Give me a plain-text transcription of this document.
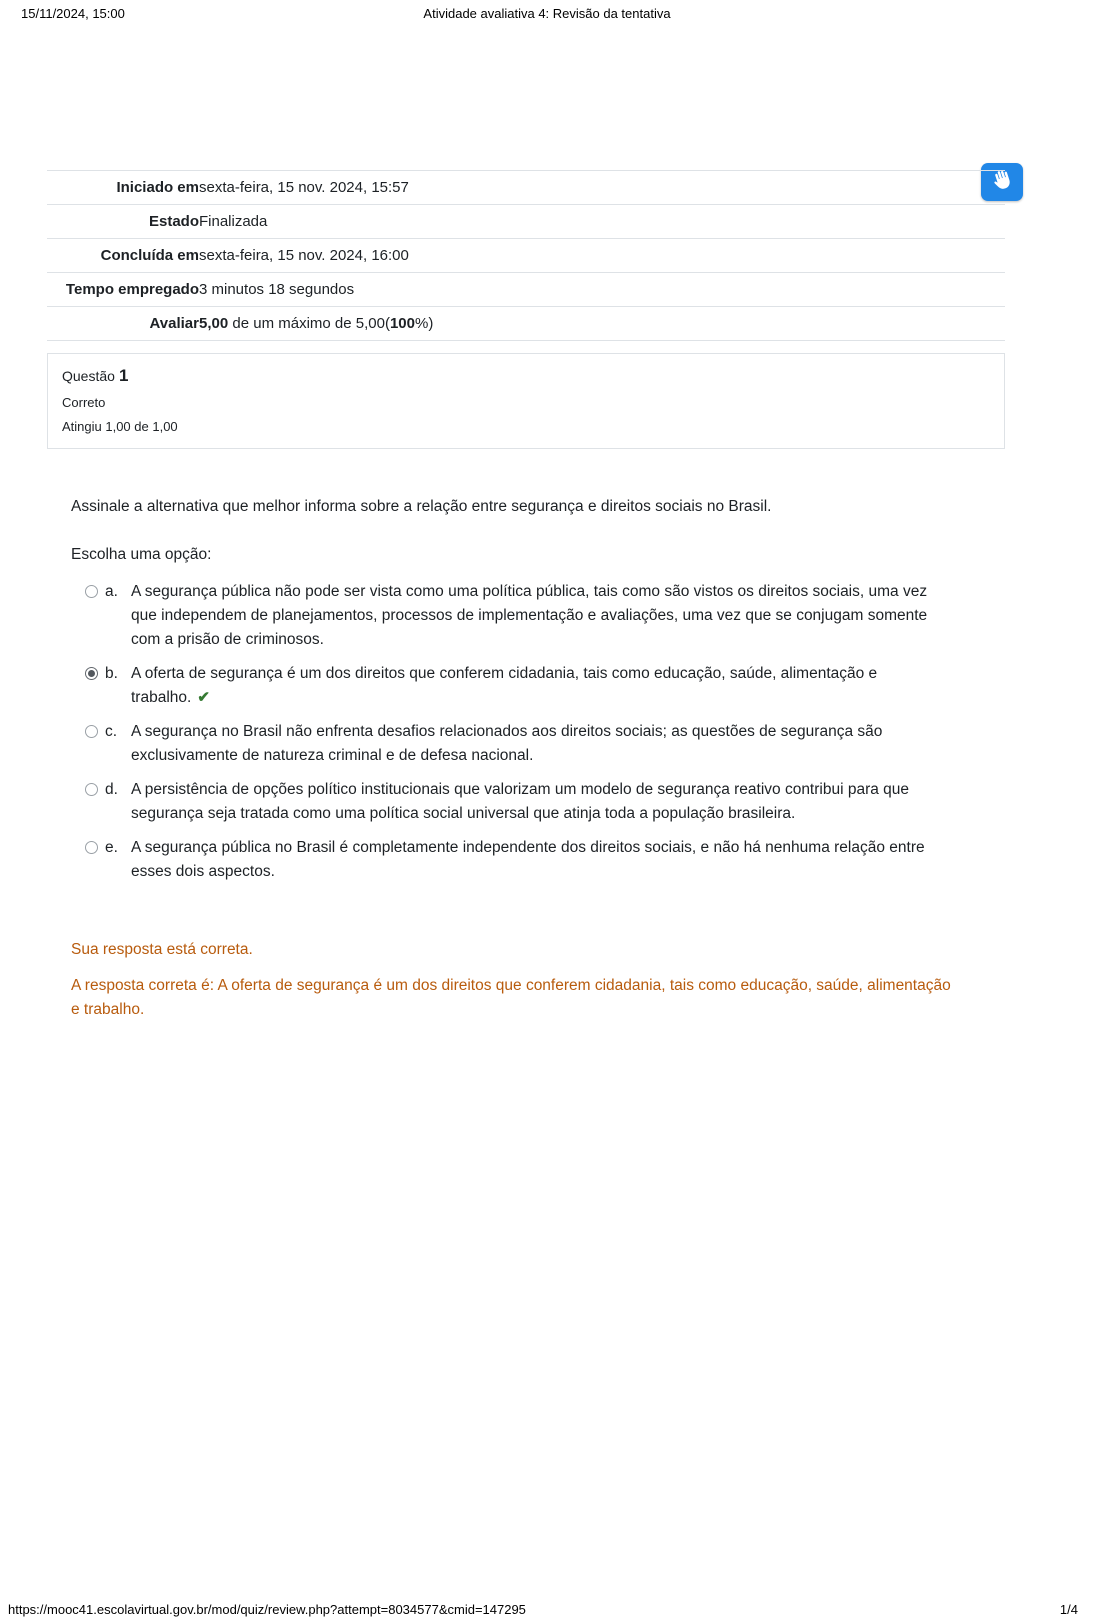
15/11/2024, 15:00	Atividade avaliativa 4: Revisão da tentativa
Iniciado em	sexta-feira, 15 nov. 2024, 15:57
Estado	Finalizada
Concluída em	sexta-feira, 15 nov. 2024, 16:00
Tempo empregado	3 minutos 18 segundos
Avaliar	5,00 de um máximo de 5,00(100%)
Questão 1
Correto
Atingiu 1,00 de 1,00
Assinale a alternativa que melhor informa sobre a relação entre segurança e direitos sociais no Brasil.
Escolha uma opção:
a. A segurança pública não pode ser vista como uma política pública, tais como são vistos os direitos sociais, uma vez que independem de planejamentos, processos de implementação e avaliações, uma vez que se conjugam somente com a prisão de criminosos.
b. A oferta de segurança é um dos direitos que conferem cidadania, tais como educação, saúde, alimentação e trabalho. ✔
c. A segurança no Brasil não enfrenta desafios relacionados aos direitos sociais; as questões de segurança são exclusivamente de natureza criminal e de defesa nacional.
d. A persistência de opções político institucionais que valorizam um modelo de segurança reativo contribui para que segurança seja tratada como uma política social universal que atinja toda a população brasileira.
e. A segurança pública no Brasil é completamente independente dos direitos sociais, e não há nenhuma relação entre esses dois aspectos.
Sua resposta está correta.
A resposta correta é: A oferta de segurança é um dos direitos que conferem cidadania, tais como educação, saúde, alimentação e trabalho.
https://mooc41.escolavirtual.gov.br/mod/quiz/review.php?attempt=8034577&cmid=147295	1/4
